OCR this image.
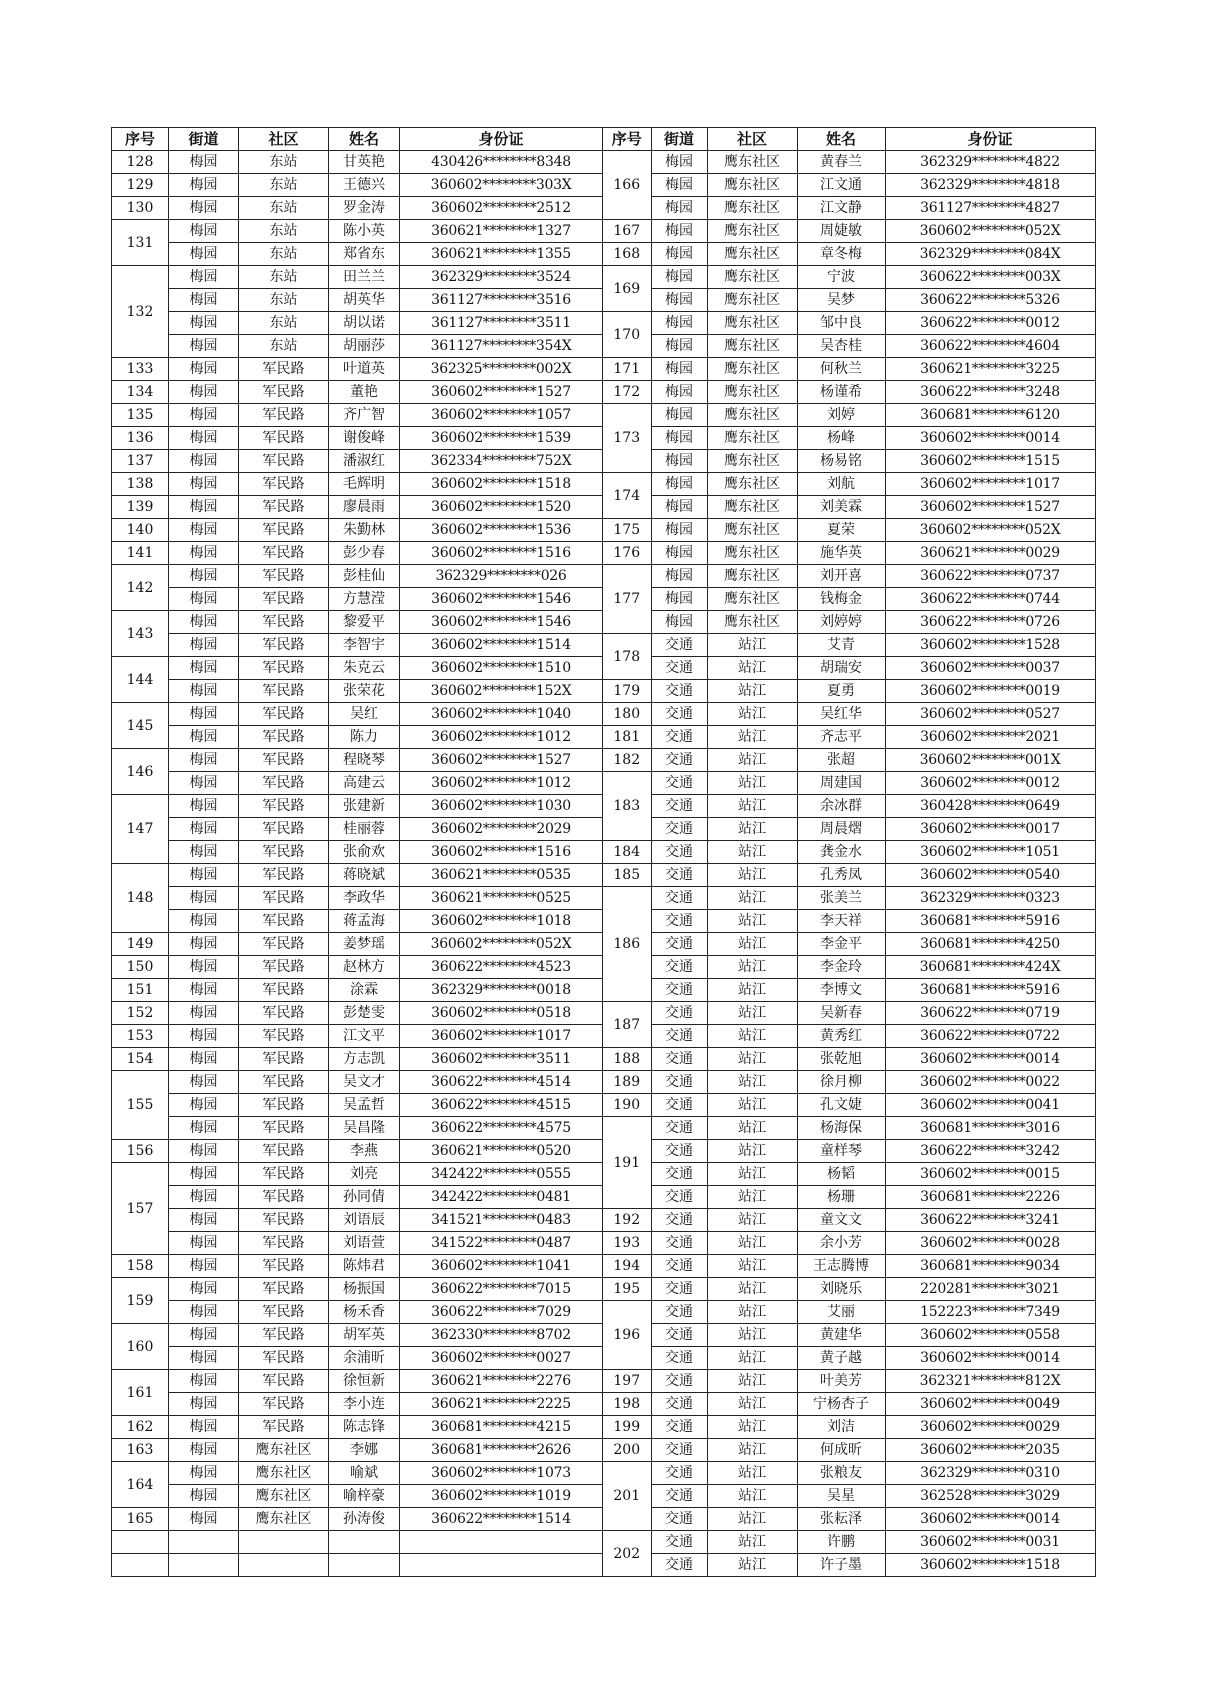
序号	街道	社区	姓名	身份证
128	梅园	东站	甘英艳	430426********8348
129	梅园	东站	王德兴	360602********303X
130	梅园	东站	罗金涛	360602********2512
131	梅园	东站	陈小英	360621********1327
	梅园	东站	郑省东	360621********1355
132	梅园	东站	田兰兰	362329********3524
	梅园	东站	胡英华	361127********3516
	梅园	东站	胡以诺	361127********3511
	梅园	东站	胡丽莎	361127********354X
133	梅园	军民路	叶道英	362325********002X
134	梅园	军民路	董艳	360602********1527
135	梅园	军民路	齐广智	360602********1057
136	梅园	军民路	谢俊峰	360602********1539
137	梅园	军民路	潘淑红	362334********752X
138	梅园	军民路	毛辉明	360602********1518
139	梅园	军民路	廖晨雨	360602********1520
140	梅园	军民路	朱勤林	360602********1536
141	梅园	军民路	彭少春	360602********1516
142	梅园	军民路	彭桂仙	362329********026
	梅园	军民路	方慧滢	360602********1546
143	梅园	军民路	黎爱平	360602********1546
	梅园	军民路	李智宇	360602********1514
144	梅园	军民路	朱克云	360602********1510
	梅园	军民路	张荣花	360602********152X
145	梅园	军民路	吴红	360602********1040
	梅园	军民路	陈力	360602********1012
146	梅园	军民路	程晓琴	360602********1527
	梅园	军民路	高建云	360602********1012
147	梅园	军民路	张建新	360602********1030
	梅园	军民路	桂丽蓉	360602********2029
	梅园	军民路	张俞欢	360602********1516
148	梅园	军民路	蒋晓斌	360621********0535
	梅园	军民路	李政华	360621********0525
	梅园	军民路	蒋孟海	360602********1018
149	梅园	军民路	姜梦瑶	360602********052X
150	梅园	军民路	赵林方	360622********4523
151	梅园	军民路	涂霖	362329********0018
152	梅园	军民路	彭楚雯	360602********0518
153	梅园	军民路	江文平	360602********1017
154	梅园	军民路	方志凯	360602********3511
155	梅园	军民路	吴文才	360622********4514
	梅园	军民路	吴孟哲	360622********4515
	梅园	军民路	吴昌隆	360622********4575
156	梅园	军民路	李燕	360621********0520
157	梅园	军民路	刘亮	342422********0555
	梅园	军民路	孙同倩	342422********0481
	梅园	军民路	刘语辰	341521********0483
	梅园	军民路	刘语萱	341522********0487
158	梅园	军民路	陈炜君	360602********1041
159	梅园	军民路	杨振国	360622********7015
	梅园	军民路	杨禾香	360622********7029
160	梅园	军民路	胡军英	362330********8702
	梅园	军民路	余浦昕	360602********0027
161	梅园	军民路	徐恒新	360621********2276
	梅园	军民路	李小连	360621********2225
162	梅园	军民路	陈志锋	360681********4215
163	梅园	鹰东社区	李娜	360681********2626
164	梅园	鹰东社区	喻斌	360602********1073
	梅园	鹰东社区	喻梓豪	360602********1019
165	梅园	鹰东社区	孙涛俊	360622********1514

序号	街道	社区	姓名	身份证
166	梅园	鹰东社区	黄春兰	362329********4822
	梅园	鹰东社区	江文通	362329********4818
	梅园	鹰东社区	江文静	361127********4827
167	梅园	鹰东社区	周婕敏	360602********052X
168	梅园	鹰东社区	章冬梅	362329********084X
169	梅园	鹰东社区	宁波	360622********003X
	梅园	鹰东社区	吴梦	360622********5326
170	梅园	鹰东社区	邹中良	360622********0012
	梅园	鹰东社区	吴杏桂	360622********4604
171	梅园	鹰东社区	何秋兰	360621********3225
172	梅园	鹰东社区	杨谨希	360622********3248
173	梅园	鹰东社区	刘婷	360681********6120
	梅园	鹰东社区	杨峰	360602********0014
	梅园	鹰东社区	杨易铭	360602********1515
174	梅园	鹰东社区	刘航	360602********1017
	梅园	鹰东社区	刘美霖	360602********1527
175	梅园	鹰东社区	夏荣	360602********052X
176	梅园	鹰东社区	施华英	360621********0029
177	梅园	鹰东社区	刘开喜	360622********0737
	梅园	鹰东社区	钱梅金	360622********0744
	梅园	鹰东社区	刘婷婷	360622********0726
178	交通	站江	艾青	360602********1528
	交通	站江	胡瑞安	360602********0037
179	交通	站江	夏勇	360602********0019
180	交通	站江	吴红华	360602********0527
181	交通	站江	齐志平	360602********2021
182	交通	站江	张超	360602********001X
183	交通	站江	周建国	360602********0012
	交通	站江	余冰群	360428********0649
	交通	站江	周晨熠	360602********0017
184	交通	站江	龚金水	360602********1051
185	交通	站江	孔秀凤	360602********0540
186	交通	站江	张美兰	362329********0323
	交通	站江	李天祥	360681********5916
	交通	站江	李金平	360681********4250
	交通	站江	李金玲	360681********424X
	交通	站江	李博文	360681********5916
187	交通	站江	吴新春	360622********0719
	交通	站江	黄秀红	360622********0722
188	交通	站江	张乾旭	360602********0014
189	交通	站江	徐月柳	360602********0022
190	交通	站江	孔文婕	360602********0041
191	交通	站江	杨海保	360681********3016
	交通	站江	童样琴	360622********3242
	交通	站江	杨韬	360602********0015
	交通	站江	杨珊	360681********2226
192	交通	站江	童文文	360622********3241
193	交通	站江	余小芳	360602********0028
194	交通	站江	王志腾博	360681********9034
195	交通	站江	刘晓乐	220281********3021
196	交通	站江	艾丽	152223********7349
	交通	站江	黄建华	360602********0558
	交通	站江	黄子越	360602********0014
197	交通	站江	叶美芳	362321********812X
198	交通	站江	宁杨杏子	360602********0049
199	交通	站江	刘洁	360602********0029
200	交通	站江	何成昕	360602********2035
201	交通	站江	张粮友	362329********0310
	交通	站江	吴星	362528********3029
	交通	站江	张耘泽	360602********0014
202	交通	站江	许鹏	360602********0031
	交通	站江	许子墨	360602********1518
